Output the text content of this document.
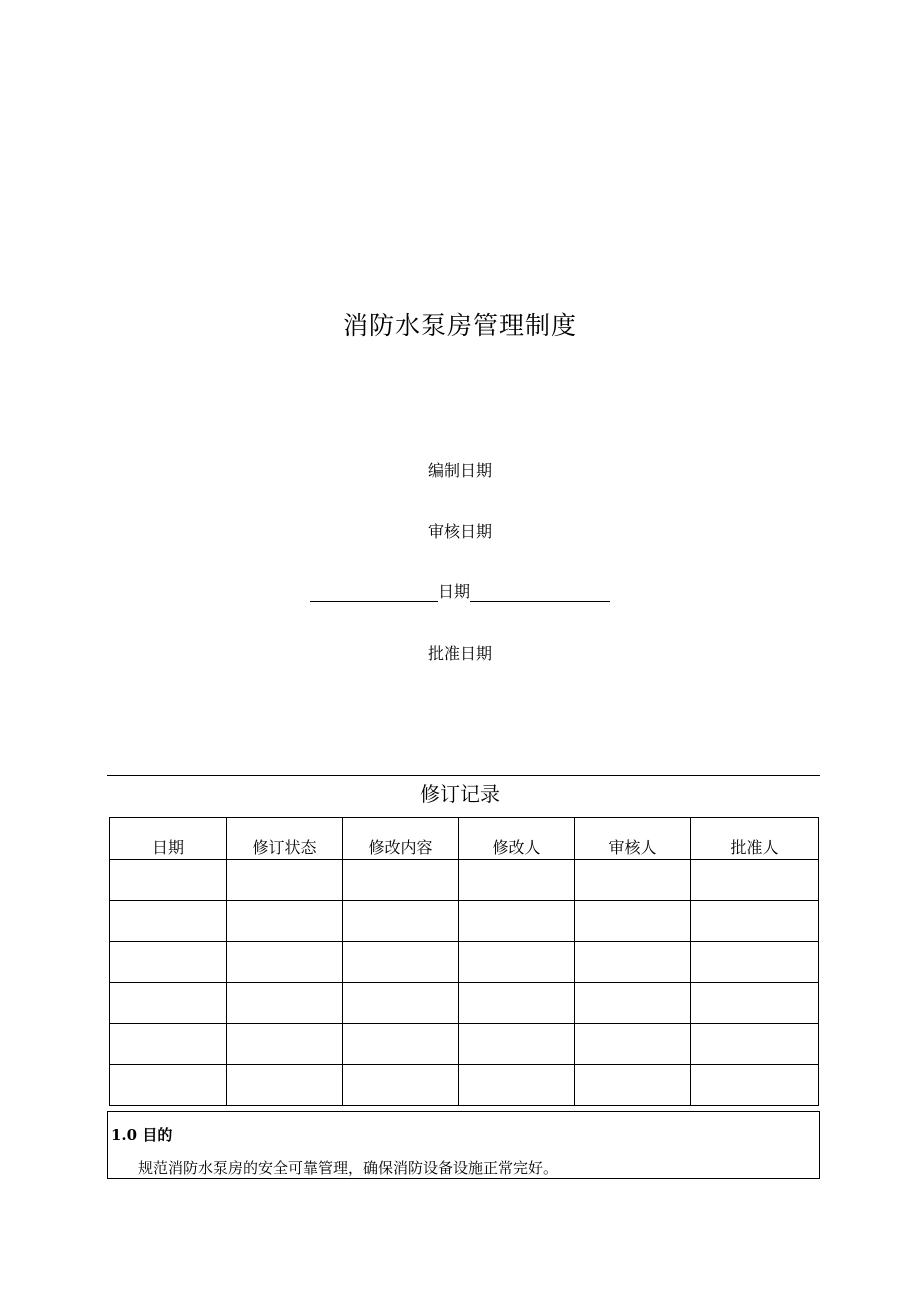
消防水泵房管理制度
编制日期
审核日期
日期
批准日期
修订记录
日期	修订状态	修改内容	修改人	审核人	批准人

1.0 目的
规范消防水泵房的安全可靠管理，确保消防设备设施正常完好。
